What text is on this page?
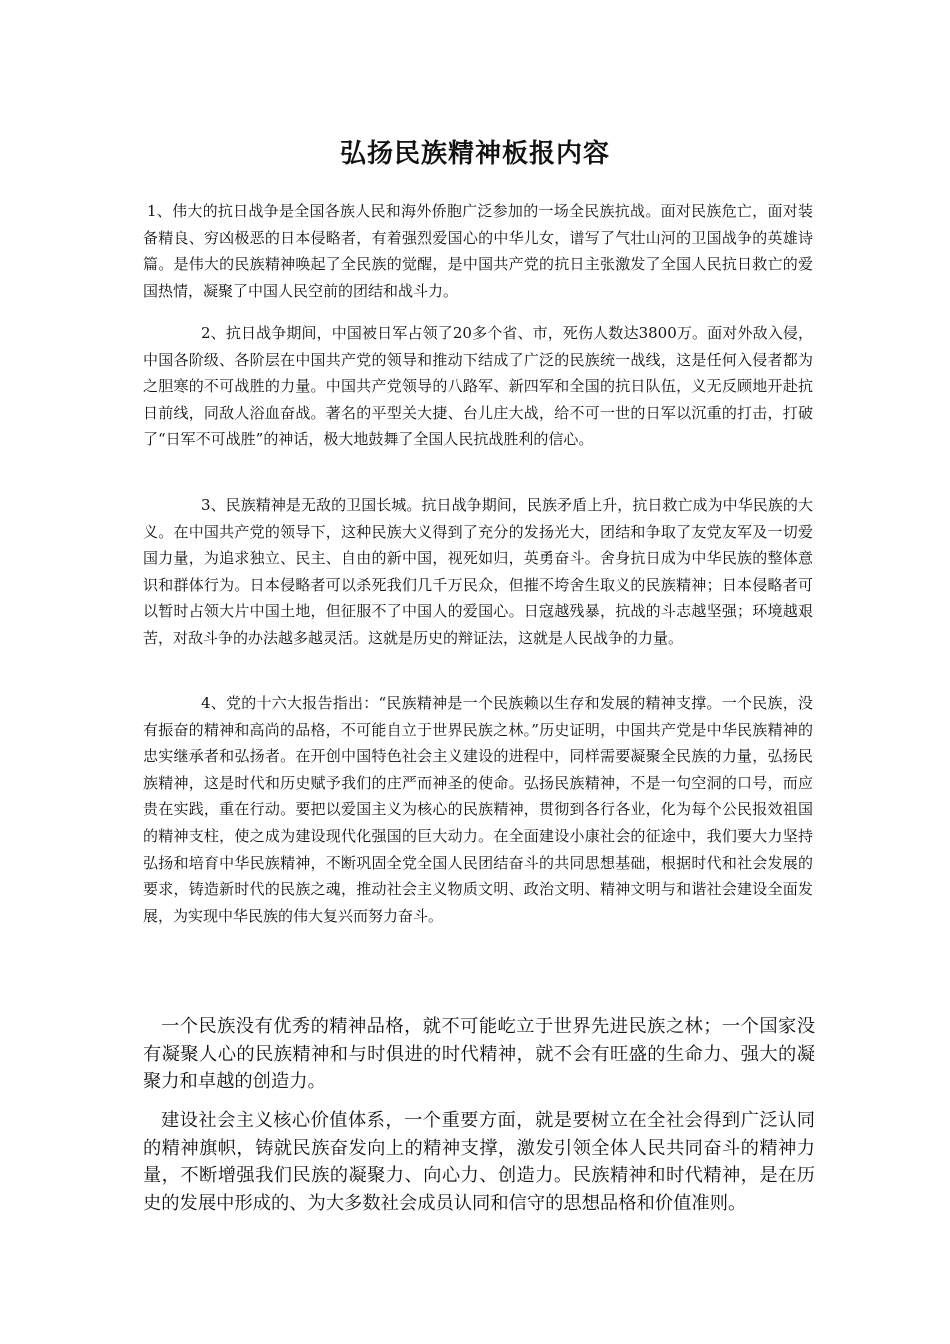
弘扬民族精神板报内容

1、伟大的抗日战争是全国各族人民和海外侨胞广泛参加的一场全民族抗战。面对民族危亡，面对装备精良、穷凶极恶的日本侵略者，有着强烈爱国心的中华儿女，谱写了气壮山河的卫国战争的英雄诗篇。是伟大的民族精神唤起了全民族的觉醒，是中国共产党的抗日主张激发了全国人民抗日救亡的爱国热情，凝聚了中国人民空前的团结和战斗力。

2、抗日战争期间，中国被日军占领了20多个省、市，死伤人数达3800万。面对外敌入侵，中国各阶级、各阶层在中国共产党的领导和推动下结成了广泛的民族统一战线，这是任何入侵者都为之胆寒的不可战胜的力量。中国共产党领导的八路军、新四军和全国的抗日队伍，义无反顾地开赴抗日前线，同敌人浴血奋战。著名的平型关大捷、台儿庄大战，给不可一世的日军以沉重的打击，打破了“日军不可战胜”的神话，极大地鼓舞了全国人民抗战胜利的信心。

3、民族精神是无敌的卫国长城。抗日战争期间，民族矛盾上升，抗日救亡成为中华民族的大义。在中国共产党的领导下，这种民族大义得到了充分的发扬光大，团结和争取了友党友军及一切爱国力量，为追求独立、民主、自由的新中国，视死如归，英勇奋斗。舍身抗日成为中华民族的整体意识和群体行为。日本侵略者可以杀死我们几千万民众，但摧不垮舍生取义的民族精神；日本侵略者可以暂时占领大片中国土地，但征服不了中国人的爱国心。日寇越残暴，抗战的斗志越坚强；环境越艰苦，对敌斗争的办法越多越灵活。这就是历史的辩证法，这就是人民战争的力量。

4、党的十六大报告指出：“民族精神是一个民族赖以生存和发展的精神支撑。一个民族，没有振奋的精神和高尚的品格，不可能自立于世界民族之林。”历史证明，中国共产党是中华民族精神的忠实继承者和弘扬者。在开创中国特色社会主义建设的进程中，同样需要凝聚全民族的力量，弘扬民族精神，这是时代和历史赋予我们的庄严而神圣的使命。弘扬民族精神，不是一句空洞的口号，而应贵在实践，重在行动。要把以爱国主义为核心的民族精神，贯彻到各行各业，化为每个公民报效祖国的精神支柱，使之成为建设现代化强国的巨大动力。在全面建设小康社会的征途中，我们要大力坚持弘扬和培育中华民族精神，不断巩固全党全国人民团结奋斗的共同思想基础，根据时代和社会发展的要求，铸造新时代的民族之魂，推动社会主义物质文明、政治文明、精神文明与和谐社会建设全面发展，为实现中华民族的伟大复兴而努力奋斗。

一个民族没有优秀的精神品格，就不可能屹立于世界先进民族之林；一个国家没有凝聚人心的民族精神和与时俱进的时代精神，就不会有旺盛的生命力、强大的凝聚力和卓越的创造力。

建设社会主义核心价值体系，一个重要方面，就是要树立在全社会得到广泛认同的精神旗帜，铸就民族奋发向上的精神支撑，激发引领全体人民共同奋斗的精神力量，不断增强我们民族的凝聚力、向心力、创造力。民族精神和时代精神，是在历史的发展中形成的、为大多数社会成员认同和信守的思想品格和价值准则。
